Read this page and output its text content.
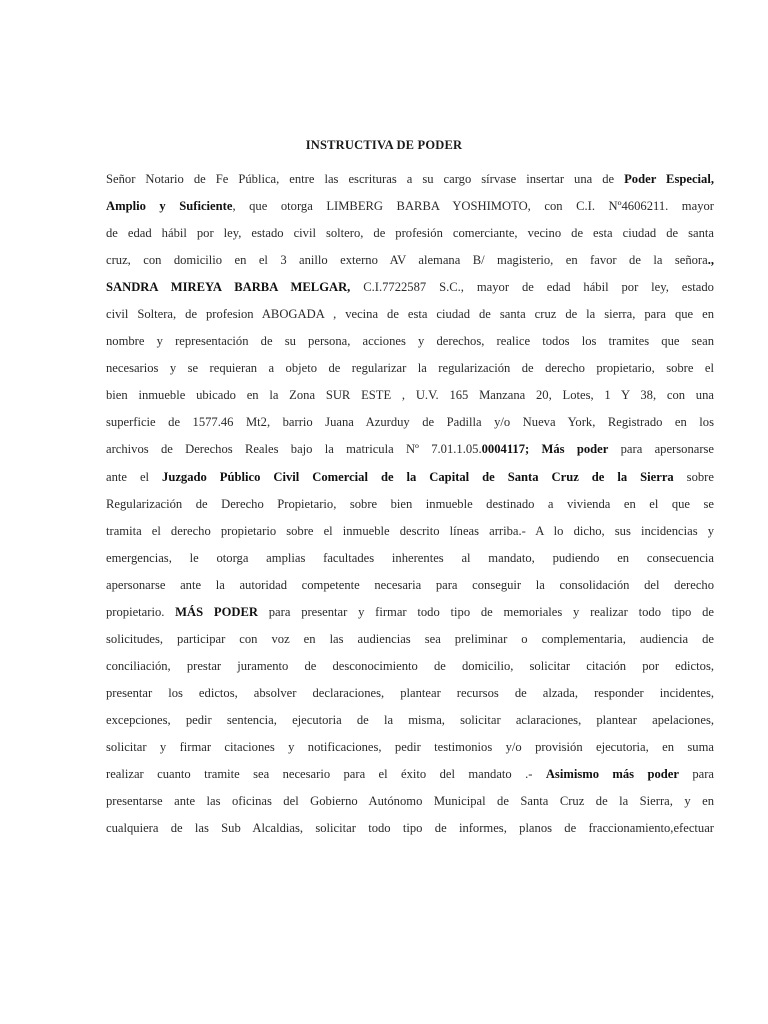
INSTRUCTIVA DE PODER
Señor Notario de Fe Pública, entre las escrituras a su cargo sírvase insertar una de Poder Especial,
Amplio y Suficiente, que otorga LIMBERG BARBA YOSHIMOTO, con C.I. Nº4606211. mayor
de edad hábil por ley, estado civil soltero, de profesión comerciante, vecino de esta ciudad de santa
cruz, con domicilio en el 3 anillo externo AV alemana B/ magisterio, en favor de la señora.,
SANDRA MIREYA BARBA MELGAR, C.I.7722587 S.C., mayor de edad hábil por ley, estado
civil Soltera, de profesion ABOGADA , vecina de esta ciudad de santa cruz de la sierra, para que en
nombre y representación de su persona, acciones y derechos, realice todos los tramites que sean
necesarios y se requieran a objeto de regularizar la regularización de derecho propietario, sobre el
bien inmueble ubicado en la Zona SUR ESTE , U.V. 165 Manzana 20, Lotes, 1 Y 38, con una
superficie de 1577.46 Mt2, barrio Juana Azurduy de Padilla y/o Nueva York, Registrado en los
archivos de Derechos Reales bajo la matricula Nº 7.01.1.05.0004117; Más poder para apersonarse
ante el Juzgado Público Civil Comercial de la Capital de Santa Cruz de la Sierra sobre
Regularización de Derecho Propietario, sobre bien inmueble destinado a vivienda en el que se
tramita el derecho propietario sobre el inmueble descrito líneas arriba.- A lo dicho, sus incidencias y
emergencias, le otorga amplias facultades inherentes al mandato, pudiendo en consecuencia
apersonarse ante la autoridad competente necesaria para conseguir la consolidación del derecho
propietario. MÁS PODER para presentar y firmar todo tipo de memoriales y realizar todo tipo de
solicitudes, participar con voz en las audiencias sea preliminar o complementaria, audiencia de
conciliación, prestar juramento de desconocimiento de domicilio, solicitar citación por edictos,
presentar los edictos, absolver declaraciones, plantear recursos de alzada, responder incidentes,
excepciones, pedir sentencia, ejecutoria de la misma, solicitar aclaraciones, plantear apelaciones,
solicitar y firmar citaciones y notificaciones, pedir testimonios y/o provisión ejecutoria, en suma
realizar cuanto tramite sea necesario para el éxito del mandato .- Asimismo más poder para
presentarse ante las oficinas del Gobierno Autónomo Municipal de Santa Cruz de la Sierra, y en
cualquiera de las Sub Alcaldias, solicitar todo tipo de informes, planos de fraccionamiento,efectuar
